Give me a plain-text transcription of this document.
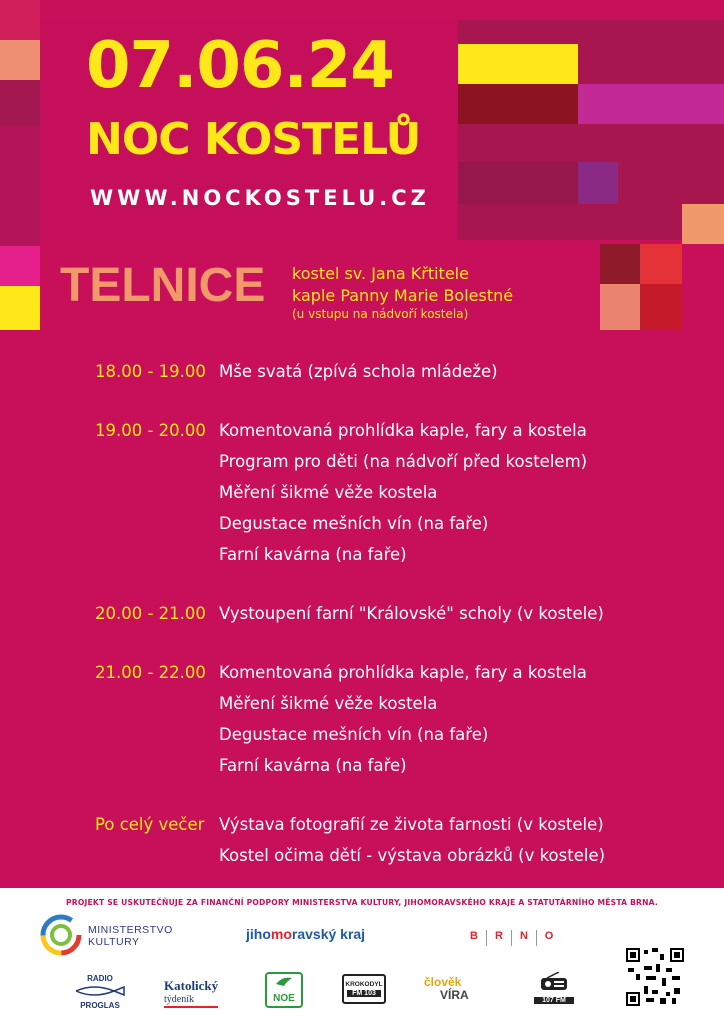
07.06.24
NOC KOSTELŮ
WWW.NOCKOSTELU.CZ
TELNICE kostel sv. Jana Křtitele
kaple Panny Marie Bolestné
(u vstupu na nádvoří kostela)
18.00 - 19.00 Mše svatá (zpívá schola mládeže)
19.00 - 20.00 Komentovaná prohlídka kaple, fary a kostela
Program pro děti (na nádvoří před kostelem)
Měření šikmé věže kostela
Degustace mešních vín (na faře)
Farní kavárna (na faře)
20.00 - 21.00 Vystoupení farní "Královské" scholy (v kostele)
21.00 - 22.00 Komentovaná prohlídka kaple, fary a kostela
Měření šikmé věže kostela
Degustace mešních vín (na faře)
Farní kavárna (na faře)
Po celý večer Výstava fotografií ze života farnosti (v kostele)
Kostel očima dětí - výstava obrázků (v kostele)
PROJEKT SE USKUTEČŇUJE ZA FINANČNÍ PODPORY MINISTERSTVA KULTURY, JIHOMORAVSKÉHO KRAJE A STATUTÁRNÍHO MĚSTA BRNA.
MINISTERSTVO
KULTURY	jihomoravský kraj	B	R	N	O
RADIO
PROGLAS
Katolický
týdeník	NOE
KROKODYL
FM 103
člověk
VÍRA	107 FM
